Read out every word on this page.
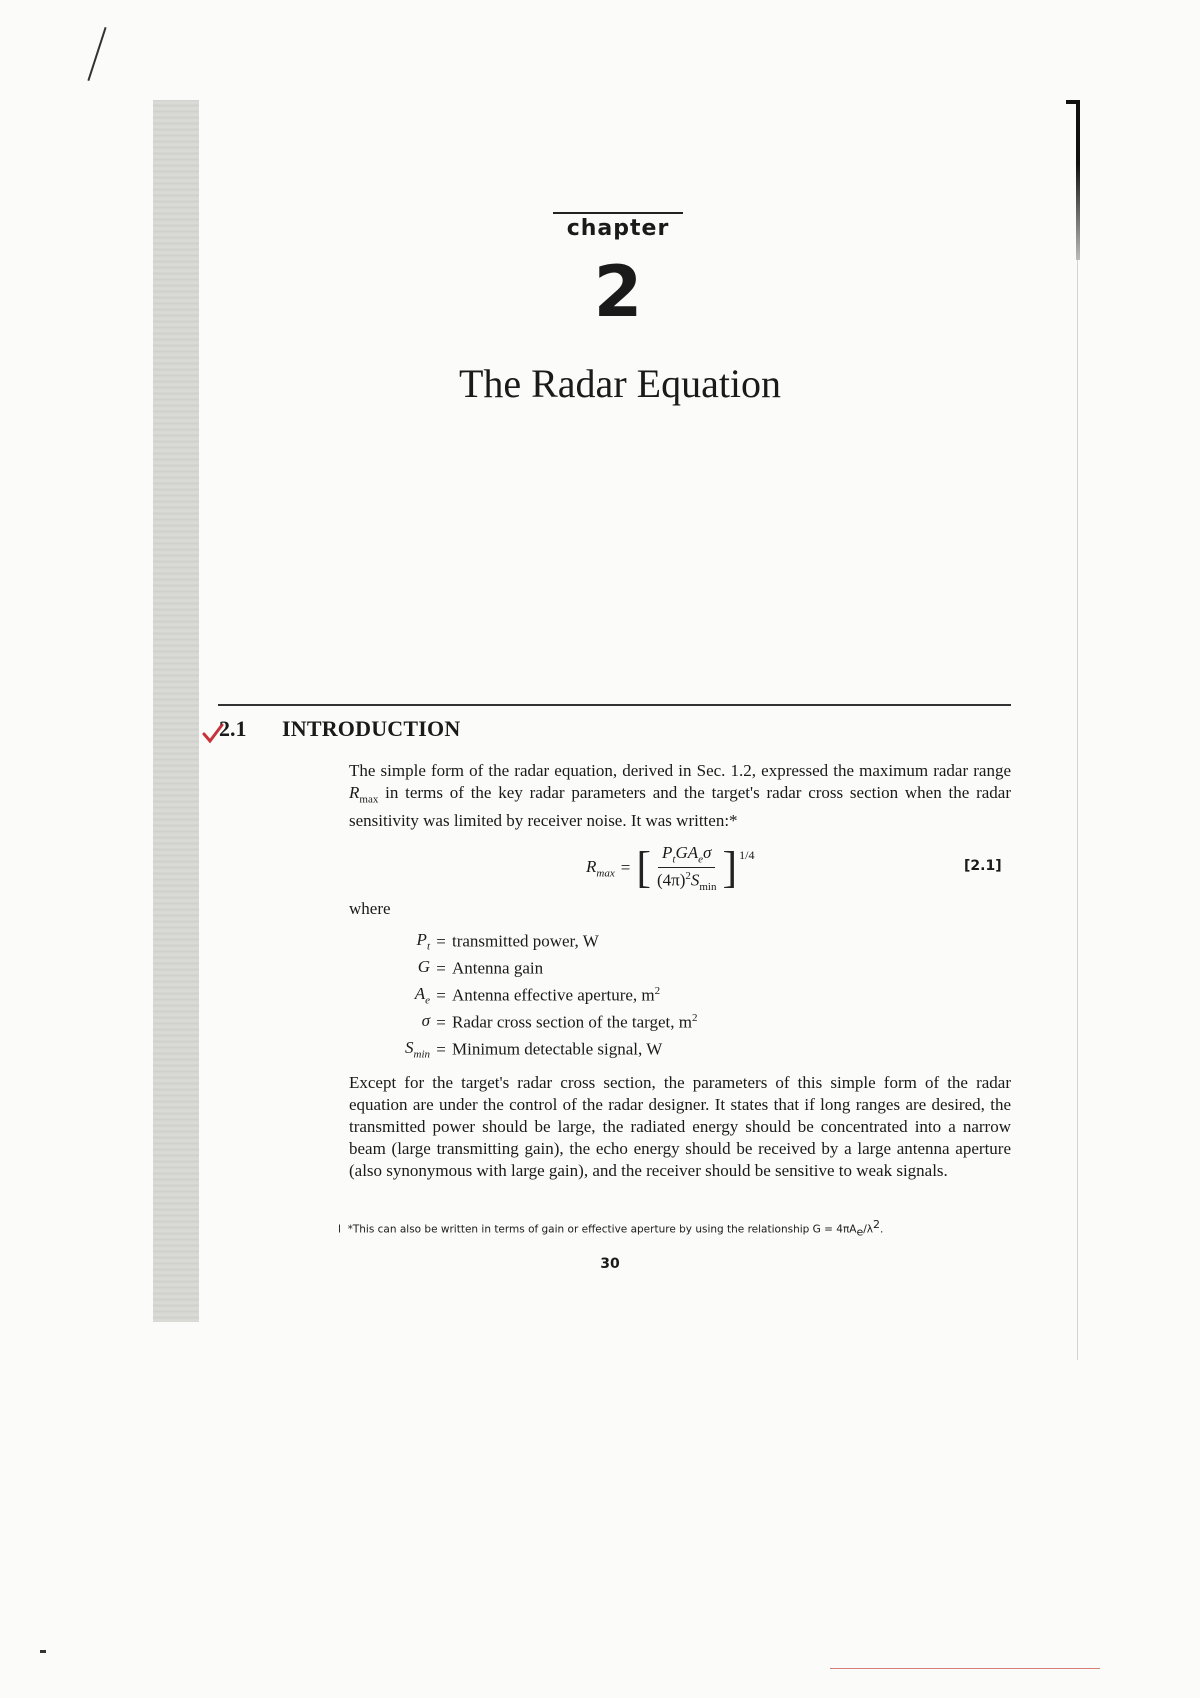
chapter
2
The Radar Equation
2.1 INTRODUCTION
The simple form of the radar equation, derived in Sec. 1.2, expressed the maximum radar range $R_{max}$ in terms of the key radar parameters and the target's radar cross section when the radar sensitivity was limited by receiver noise. It was written:*
$R_{max}$ = [ $\frac{P_tGA_e\sigma}{(4\pi)^2S_{min}}$ ] 1/4
[2.1]
where
$P_t$ = transmitted power, W
G = Antenna gain
$A_e$ = Antenna effective aperture, $m^2$
σ = Radar cross section of the target, $m^2$
$S_{min}$ = Minimum detectable signal, W
Except for the target's radar cross section, the parameters of this simple form of the radar equation are under the control of the radar designer. It states that if long ranges are desired, the transmitted power should be large, the radiated energy should be concentrated into a narrow beam (large transmitting gain), the echo energy should be received by a large antenna aperture (also synonymous with large gain), and the receiver should be sensitive to weak signals.
l *This can also be written in terms of gain or effective aperture by using the relationship $G = 4\pi A_e/\lambda^2$.
30
